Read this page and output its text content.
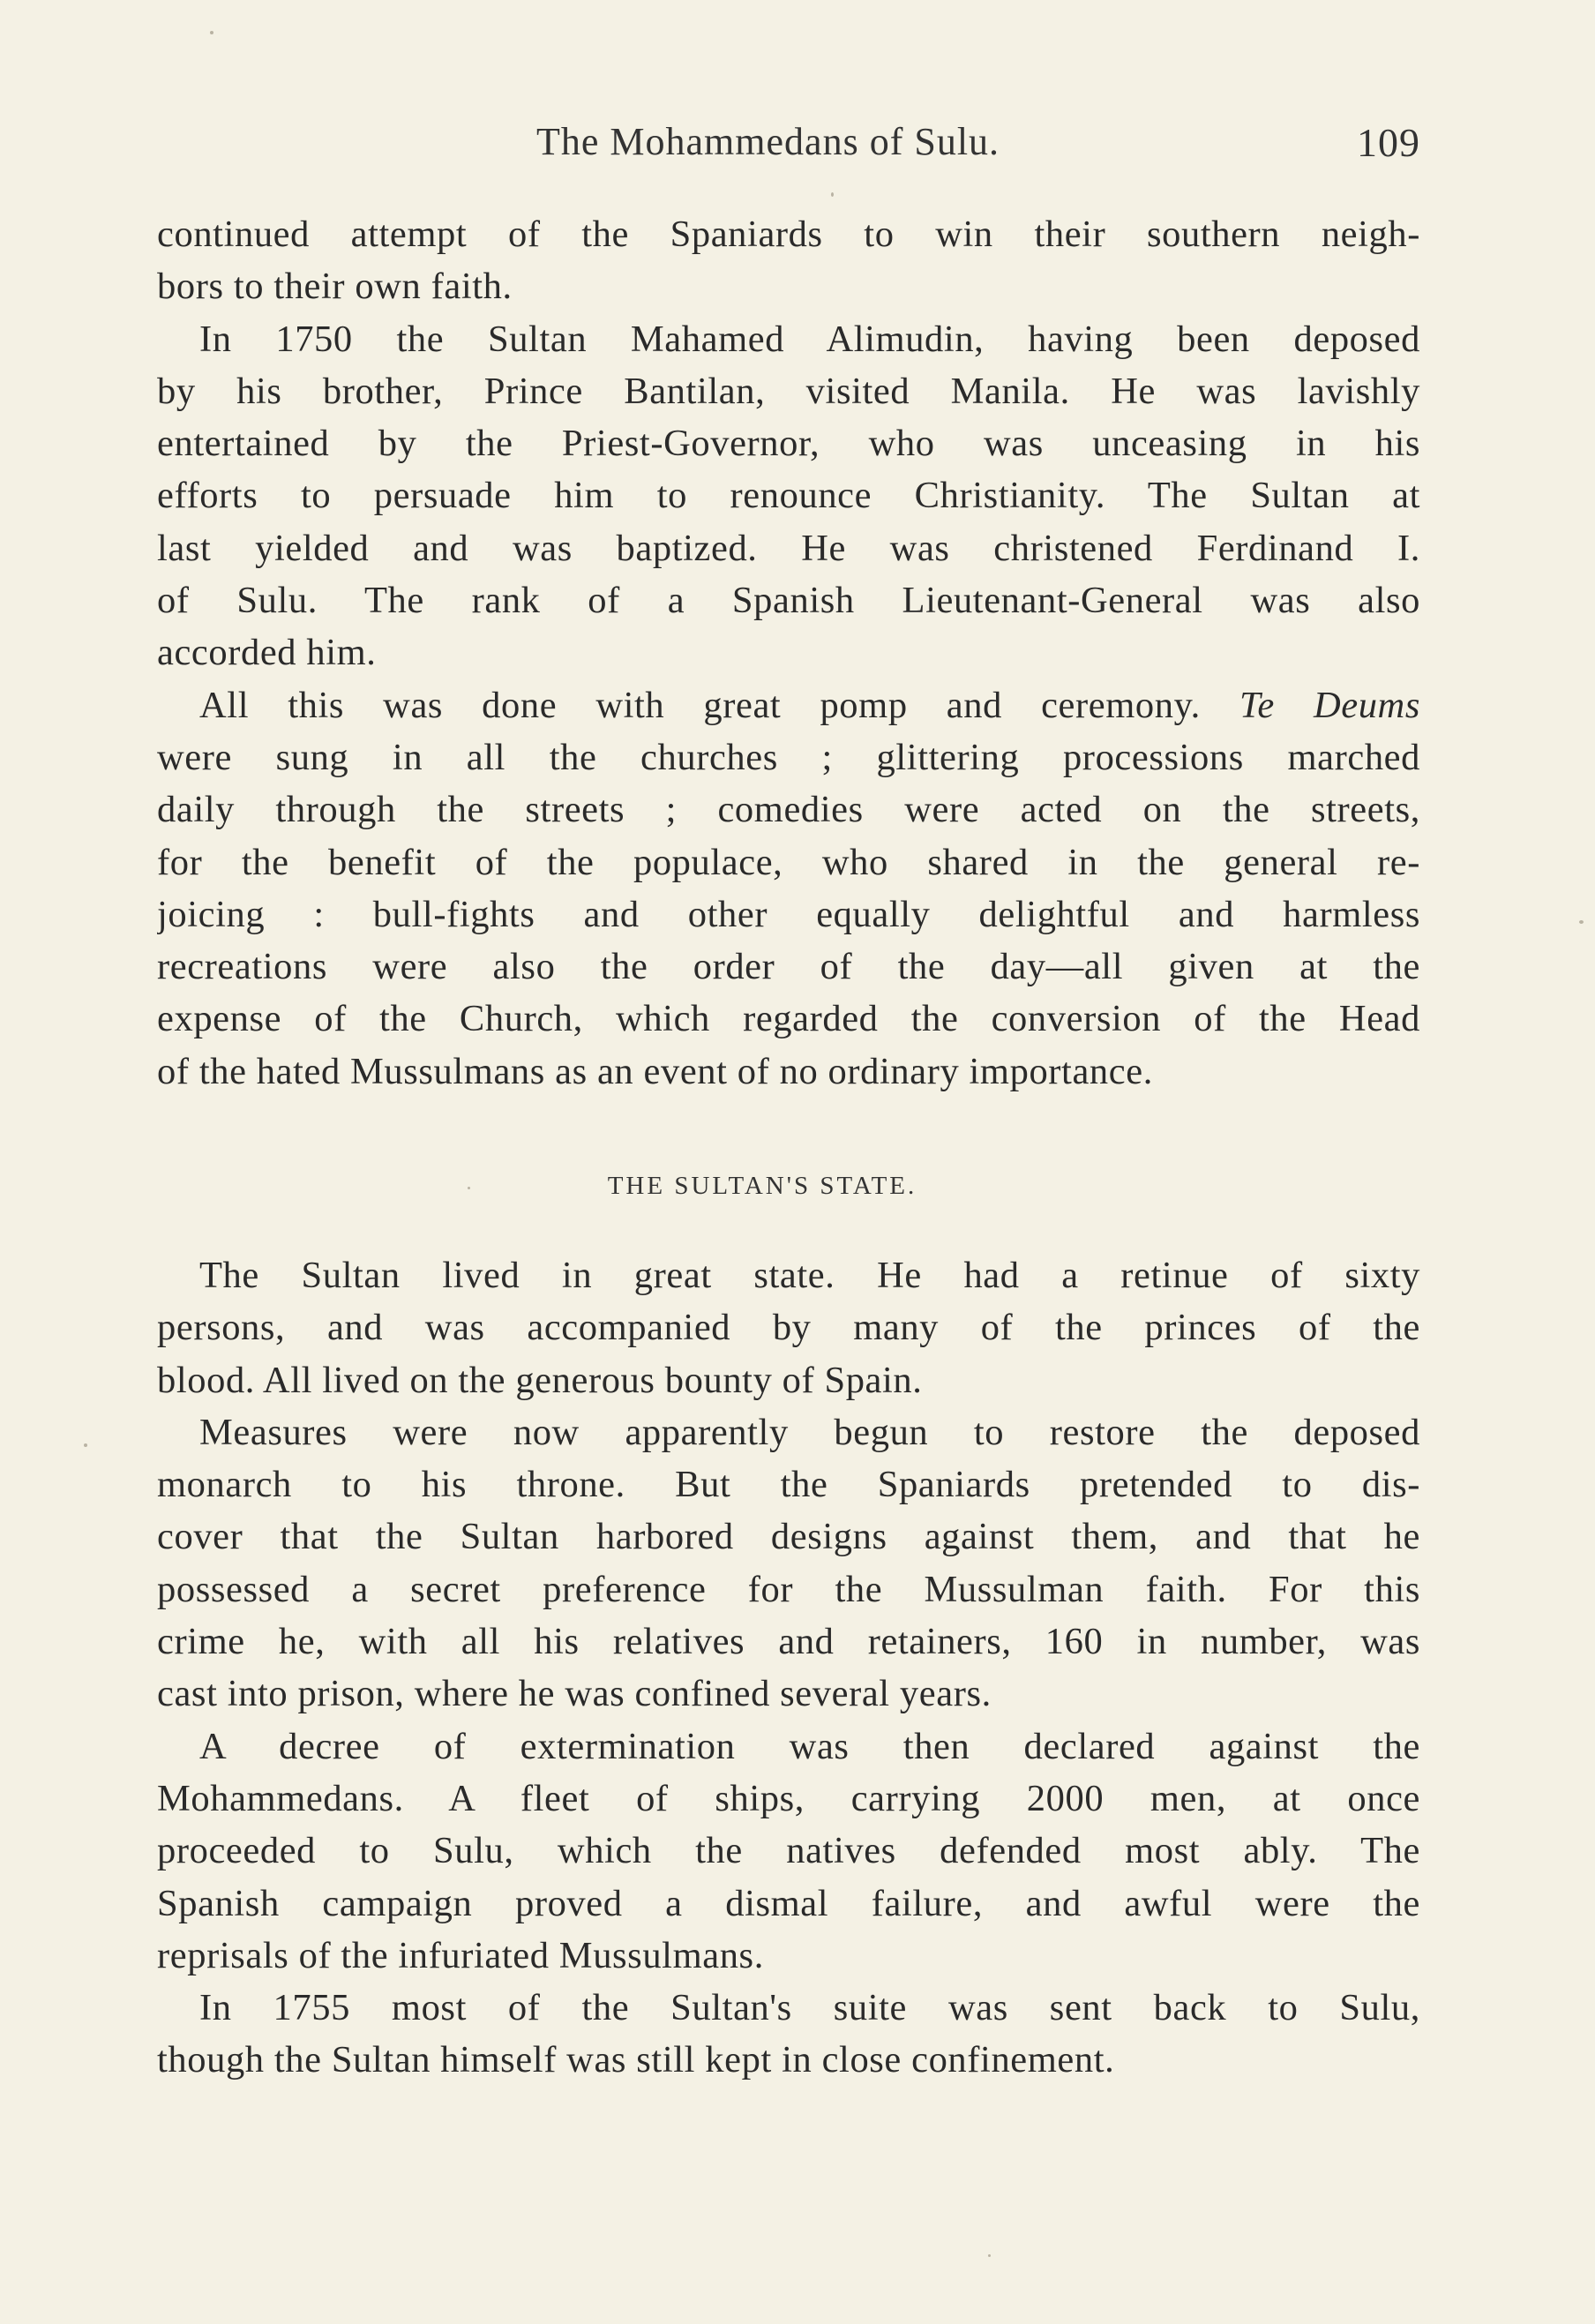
The Mohammedans of Sulu.	109
continued attempt of the Spaniards to win their southern neigh-
bors to their own faith.
In 1750 the Sultan Mahamed Alimudin, having been deposed
by his brother, Prince Bantilan, visited Manila. He was lavishly
entertained by the Priest-Governor, who was unceasing in his
efforts to persuade him to renounce Christianity. The Sultan at
last yielded and was baptized. He was christened Ferdinand I.
of Sulu. The rank of a Spanish Lieutenant-General was also
accorded him.
All this was done with great pomp and ceremony. Te Deums
were sung in all the churches ; glittering processions marched
daily through the streets ; comedies were acted on the streets,
for the benefit of the populace, who shared in the general re-
joicing : bull-fights and other equally delightful and harmless
recreations were also the order of the day—all given at the
expense of the Church, which regarded the conversion of the Head
of the hated Mussulmans as an event of no ordinary importance.
THE SULTAN'S STATE.
The Sultan lived in great state. He had a retinue of sixty
persons, and was accompanied by many of the princes of the
blood. All lived on the generous bounty of Spain.
Measures were now apparently begun to restore the deposed
monarch to his throne. But the Spaniards pretended to dis-
cover that the Sultan harbored designs against them, and that he
possessed a secret preference for the Mussulman faith. For this
crime he, with all his relatives and retainers, 160 in number, was
cast into prison, where he was confined several years.
A decree of extermination was then declared against the
Mohammedans. A fleet of ships, carrying 2000 men, at once
proceeded to Sulu, which the natives defended most ably. The
Spanish campaign proved a dismal failure, and awful were the
reprisals of the infuriated Mussulmans.
In 1755 most of the Sultan's suite was sent back to Sulu,
though the Sultan himself was still kept in close confinement.
